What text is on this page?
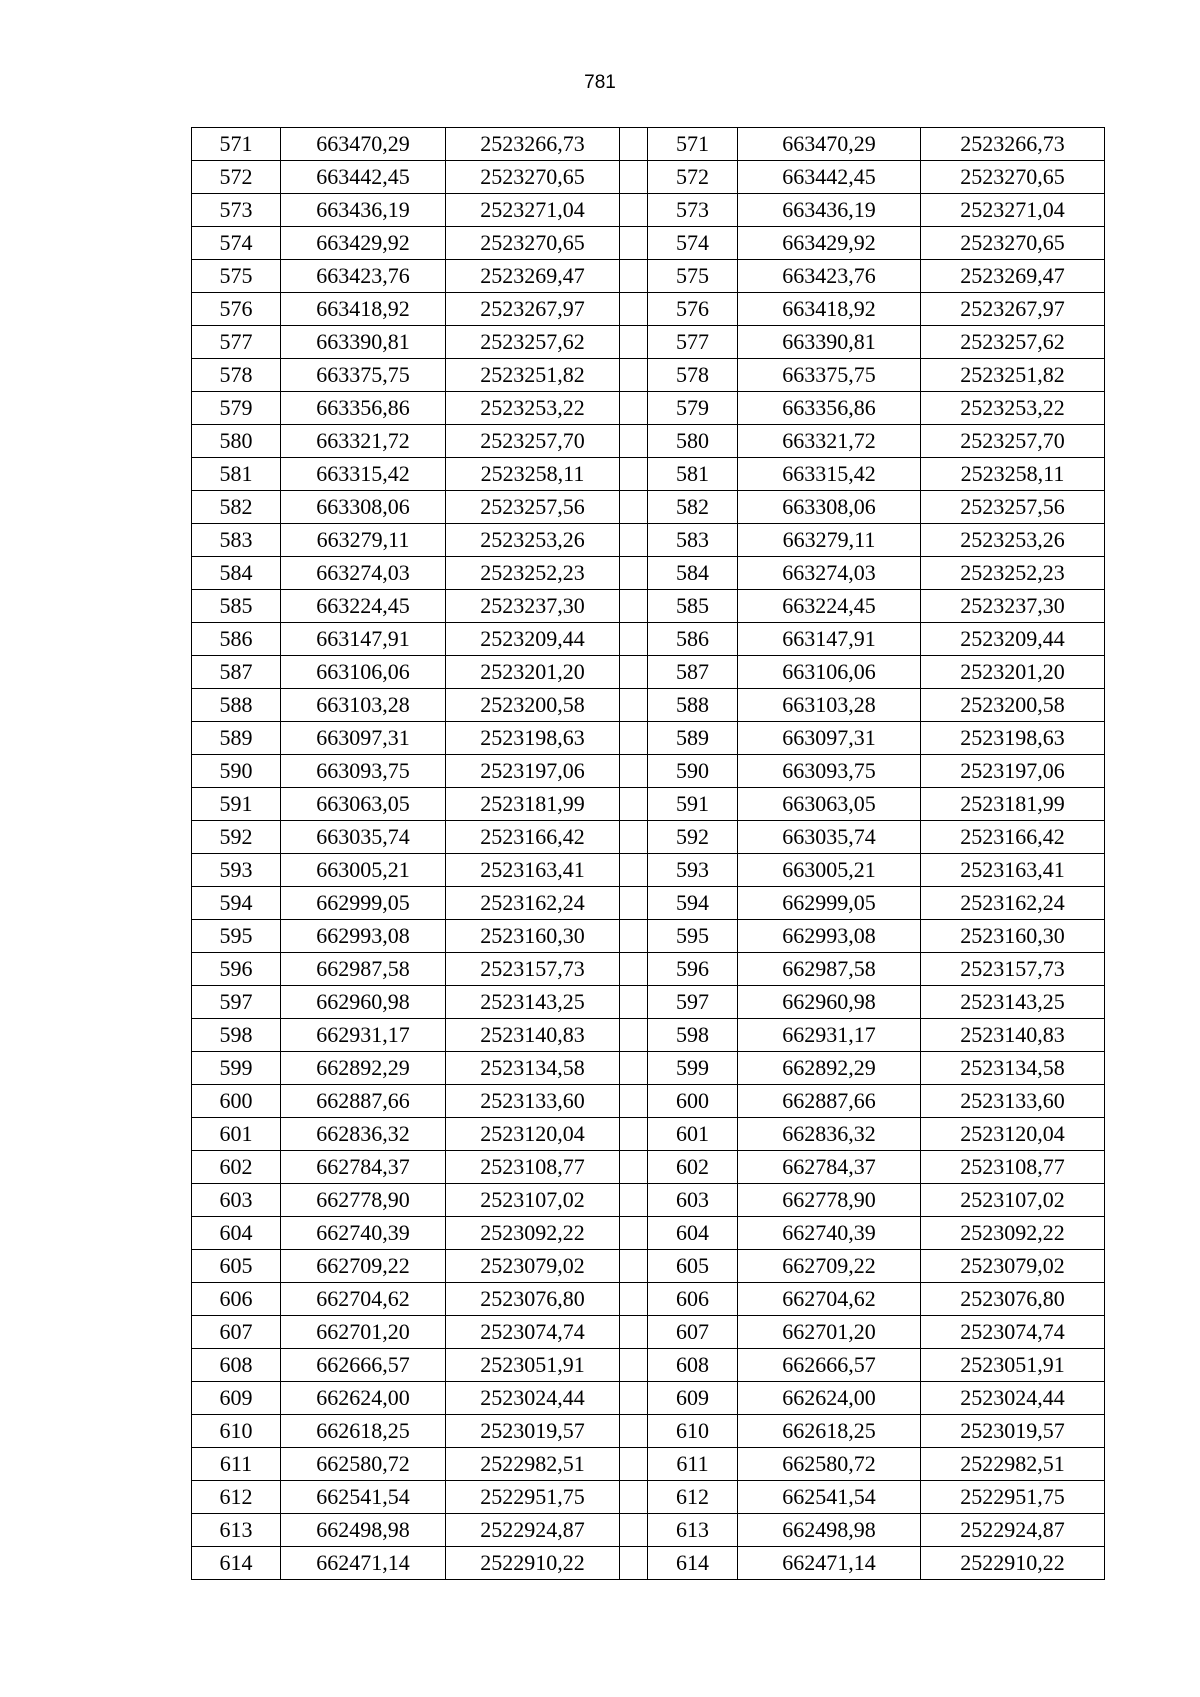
781
571	663470,29	2523266,73		571	663470,29	2523266,73
572	663442,45	2523270,65		572	663442,45	2523270,65
573	663436,19	2523271,04		573	663436,19	2523271,04
574	663429,92	2523270,65		574	663429,92	2523270,65
575	663423,76	2523269,47		575	663423,76	2523269,47
576	663418,92	2523267,97		576	663418,92	2523267,97
577	663390,81	2523257,62		577	663390,81	2523257,62
578	663375,75	2523251,82		578	663375,75	2523251,82
579	663356,86	2523253,22		579	663356,86	2523253,22
580	663321,72	2523257,70		580	663321,72	2523257,70
581	663315,42	2523258,11		581	663315,42	2523258,11
582	663308,06	2523257,56		582	663308,06	2523257,56
583	663279,11	2523253,26		583	663279,11	2523253,26
584	663274,03	2523252,23		584	663274,03	2523252,23
585	663224,45	2523237,30		585	663224,45	2523237,30
586	663147,91	2523209,44		586	663147,91	2523209,44
587	663106,06	2523201,20		587	663106,06	2523201,20
588	663103,28	2523200,58		588	663103,28	2523200,58
589	663097,31	2523198,63		589	663097,31	2523198,63
590	663093,75	2523197,06		590	663093,75	2523197,06
591	663063,05	2523181,99		591	663063,05	2523181,99
592	663035,74	2523166,42		592	663035,74	2523166,42
593	663005,21	2523163,41		593	663005,21	2523163,41
594	662999,05	2523162,24		594	662999,05	2523162,24
595	662993,08	2523160,30		595	662993,08	2523160,30
596	662987,58	2523157,73		596	662987,58	2523157,73
597	662960,98	2523143,25		597	662960,98	2523143,25
598	662931,17	2523140,83		598	662931,17	2523140,83
599	662892,29	2523134,58		599	662892,29	2523134,58
600	662887,66	2523133,60		600	662887,66	2523133,60
601	662836,32	2523120,04		601	662836,32	2523120,04
602	662784,37	2523108,77		602	662784,37	2523108,77
603	662778,90	2523107,02		603	662778,90	2523107,02
604	662740,39	2523092,22		604	662740,39	2523092,22
605	662709,22	2523079,02		605	662709,22	2523079,02
606	662704,62	2523076,80		606	662704,62	2523076,80
607	662701,20	2523074,74		607	662701,20	2523074,74
608	662666,57	2523051,91		608	662666,57	2523051,91
609	662624,00	2523024,44		609	662624,00	2523024,44
610	662618,25	2523019,57		610	662618,25	2523019,57
611	662580,72	2522982,51		611	662580,72	2522982,51
612	662541,54	2522951,75		612	662541,54	2522951,75
613	662498,98	2522924,87		613	662498,98	2522924,87
614	662471,14	2522910,22		614	662471,14	2522910,22
